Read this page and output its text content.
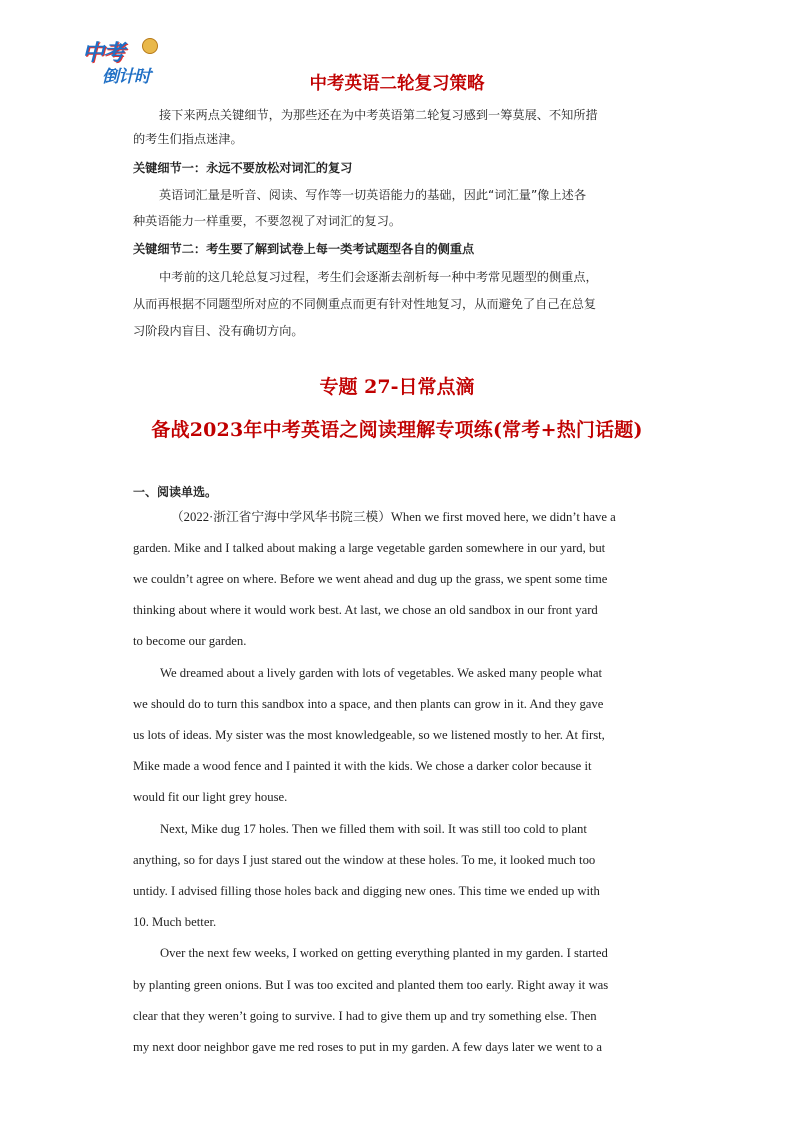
中考
倒计时	中考英语二轮复习策略
接下来两点关键细节，为那些还在为中考英语第二轮复习感到一筹莫展、不知所措
的考生们指点迷津。
关键细节一：永远不要放松对词汇的复习
英语词汇量是听音、阅读、写作等一切英语能力的基础，因此“词汇量”像上述各
种英语能力一样重要，不要忽视了对词汇的复习。
关键细节二：考生要了解到试卷上每一类考试题型各自的侧重点
中考前的这几轮总复习过程，考生们会逐渐去剖析每一种中考常见题型的侧重点，
从而再根据不同题型所对应的不同侧重点而更有针对性地复习，从而避免了自己在总复
习阶段内盲目、没有确切方向。
专题 27-日常点滴
备战2023年中考英语之阅读理解专项练(常考+热门话题)
一、阅读单选。
（2022·浙江省宁海中学风华书院三模）When we first moved here, we didn’t have a
garden. Mike and I talked about making a large vegetable garden somewhere in our yard, but
we couldn’t agree on where. Before we went ahead and dug up the grass, we spent some time
thinking about where it would work best. At last, we chose an old sandbox in our front yard
to become our garden.
We dreamed about a lively garden with lots of vegetables. We asked many people what
we should do to turn this sandbox into a space, and then plants can grow in it. And they gave
us lots of ideas. My sister was the most knowledgeable, so we listened mostly to her. At first,
Mike made a wood fence and I painted it with the kids. We chose a darker color because it
would fit our light grey house.
Next, Mike dug 17 holes. Then we filled them with soil. It was still too cold to plant
anything, so for days I just stared out the window at these holes. To me, it looked much too
untidy. I advised filling those holes back and digging new ones. This time we ended up with
10. Much better.
Over the next few weeks, I worked on getting everything planted in my garden. I started
by planting green onions. But I was too excited and planted them too early. Right away it was
clear that they weren’t going to survive. I had to give them up and try something else. Then
my next door neighbor gave me red roses to put in my garden. A few days later we went to a
